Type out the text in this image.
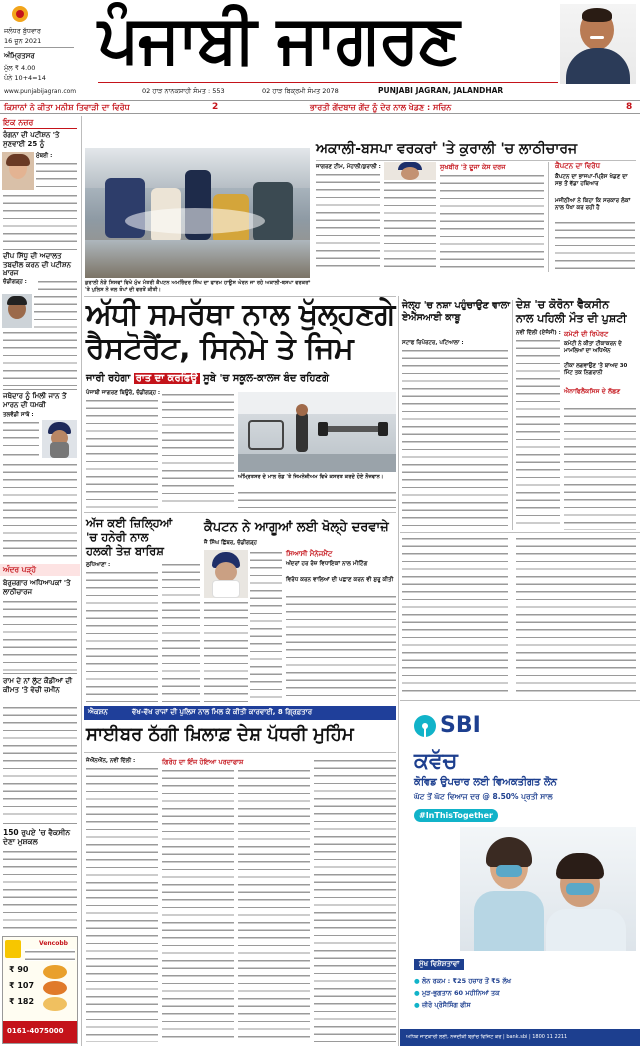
ਜਲੰਧਰ ਬੁੱਧਵਾਰ
16 ਜੂਨ 2021
ਅੰਮ੍ਰਿਤਸਰ
ਮੁੱਲ ₹ 4.00
ਪੰਨੇ 10+4=14
www.punjabijagran.com
ਪੰਜਾਬੀ ਜਾਗਰਣ
02 ਹਾੜ ਨਾਨਕਸ਼ਾਹੀ ਸੰਮਤ : 553	02 ਹਾੜ ਬਿਕ੍ਰਮੀ ਸੰਮਤ 2078	PUNJABI JAGRAN, JALANDHAR
ਕਿਸਾਨਾਂ ਨੇ ਕੀਤਾ ਮਨੀਸ਼ ਤਿਵਾੜੀ ਦਾ ਵਿਰੋਧ	2	ਭਾਰਤੀ ਗੇਂਦਬਾਜ਼ ਗੇਂਦ ਨੂੰ ਦੇਰ ਨਾਲ ਖੇਡਣ : ਸਚਿਨ	8
ਇਕ ਨਜ਼ਰ
ਰੰਗਨਾ ਦੀ ਪਟੀਸ਼ਨ 'ਤੇ ਸੁਣਵਾਈ 25 ਨੂੰ
ਮੁੰਬਈ :
ਦੀਪ ਸਿੱਧੂ ਦੀ ਅਦਾਲਤ ਤਬਦੀਲ ਕਰਨ ਦੀ ਪਟੀਸ਼ਨ ਖ਼ਾਰਜ
ਚੰਡੀਗੜ੍ਹ :
ਜਥੇਦਾਰ ਨੂੰ ਮਿਲੀ ਜਾਨ ਤੋਂ ਮਾਰਨ ਦੀ ਧਮਕੀ
ਤਲਵੰਡੀ ਸਾਬੋ :
ਅੰਦਰ ਪੜ੍ਹੋ
ਬੇਰੁਜ਼ਗਾਰ ਅਧਿਆਪਕਾਂ 'ਤੇ ਲਾਠੀਚਾਰਜ
ਰਾਮ ਦੇ ਨਾਂ ਲੁੱਟ ਕੌਡੀਆਂ ਦੀ ਕੀਮਤ 'ਤੇ ਵੇਚੀ ਜ਼ਮੀਨ
150 ਰੁਪਏ 'ਚ ਵੈਕਸੀਨ ਦੇਣਾ ਮੁਸ਼ਕਲ
Vencobb
₹ 90
₹ 107
₹ 182
0161-4075000
ਕੁਰਾਲੀ ਨੇੜੇ ਸਿਸਵਾਂ ਵਿਖੇ ਮੁੱਖ ਮੰਤਰੀ ਕੈਪਟਨ ਅਮਰਿੰਦਰ ਸਿੰਘ ਦਾ ਫਾਰਮ ਹਾਊਸ ਘੇਰਨ ਜਾ ਰਹੇ ਅਕਾਲੀ-ਬਸਪਾ ਵਰਕਰਾਂ 'ਤੇ ਪੁਲਿਸ ਨੇ ਜਲ ਤੋਪਾਂ ਦੀ ਵਰਤੋਂ ਕੀਤੀ।
ਅਕਾਲੀ-ਬਸਪਾ ਵਰਕਰਾਂ 'ਤੇ ਕੁਰਾਲੀ 'ਚ ਲਾਠੀਚਾਰਜ
ਜਾਗਰਣ ਟੀਮ, ਮੋਹਾਲੀ/ਕੁਰਾਲੀ :	ਸੁਖਬੀਰ 'ਤੇ ਦੂਜਾ ਕੇਸ ਦਰਜ	ਕੈਪਟਨ ਦਾ ਵਿਰੋਧ
ਕੈਪਟਨ ਦਾ ਭਾਜਪਾ-ਪ੍ਰਿੰਸ ਖੇਡਣ ਦਾ ਸਭ ਤੋਂ ਵੱਡਾ ਹਥਿਆਰ
ਮਜੀਠੀਆ ਨੇ ਕਿਹਾ ਕਿ ਸਰਕਾਰ ਲੋਕਾਂ ਨਾਲ ਧੋਖਾ ਕਰ ਰਹੀ ਹੈ
ਅੱਧੀ ਸਮਰੱਥਾ ਨਾਲ ਖੁੱਲ੍ਹਣਗੇ
ਰੈਸਟੋਰੈਂਟ, ਸਿਨੇਮੇ ਤੇ ਜਿਮ
ਜਾਰੀ ਰਹੇਗਾ ਰਾਤ ਦਾ ਕਰਫਿਊ ਸੂਬੇ 'ਚ ਸਕੂਲ-ਕਾਲਜ ਬੰਦ ਰਹਿਣਗੇ
ਪੰਜਾਬੀ ਜਾਗਰਣ ਬਿਊਰੋ, ਚੰਡੀਗੜ੍ਹ :
ਅੰਮ੍ਰਿਤਸਰ ਦੇ ਮਾਲ ਰੋਡ 'ਤੇ ਜਿਮਨੇਜ਼ੀਅਮ ਵਿਖੇ ਕਸਰਤ ਕਰਦੇ ਹੋਏ ਨੌਜਵਾਨ।
ਅੱਜ ਕਈ ਜ਼ਿਲ੍ਹਿਆਂ
'ਚ ਹਨੇਰੀ ਨਾਲ
ਹਲਕੀ ਤੇਜ਼ ਬਾਰਿਸ਼
ਲੁਧਿਆਣਾ :
ਕੈਪਟਨ ਨੇ ਆਗੂਆਂ ਲਈ ਖੋਲ੍ਹੇ ਦਰਵਾਜ਼ੇ
ਜੈ ਸਿੰਘ ਛਿੱਬਰ, ਚੰਡੀਗੜ੍ਹ
ਸਿਆਸੀ ਮੈਨੇਜਮੈਂਟ
ਅੰਦਰਾਂ ਹਰ ਰੋਜ਼ ਵਿਧਾਇਕਾਂ ਨਾਲ ਮੀਟਿੰਗ
ਵਿਰੋਧ ਕਰਨ ਵਾਲਿਆਂ ਦੀ ਪਛਾਣ ਕਰਨ ਵੀ ਸ਼ੁਰੂ ਕੀਤੀ
ਜੇਲ੍ਹ 'ਚ ਨਸ਼ਾ ਪਹੁੰਚਾਉਣ ਵਾਲਾ ਏਐੱਸਆਈ ਕਾਬੂ
ਸਟਾਫ ਰਿਪੋਰਟਰ, ਪਟਿਆਲਾ :
ਦੇਸ਼ 'ਚ ਕੋਰੋਨਾ ਵੈਕਸੀਨ
ਨਾਲ ਪਹਿਲੀ ਮੌਤ ਦੀ ਪੁਸ਼ਟੀ
ਨਵੀਂ ਦਿੱਲੀ (ਏਜੰਸੀ) : ਕਮੇਟੀ ਦੀ ਰਿਪੋਰਟ
ਕਮੇਟੀ ਨੇ ਕੀਤਾ ਟੀਕਾਕਰਨ ਦੇ ਮਾਮਲਿਆਂ ਦਾ ਅਧਿਐਨ
ਟੀਕਾ ਲਗਵਾਉਣ 'ਤੇ ਬਾਅਦ 30 ਮਿੰਟ ਤਕ ਨਿਗਰਾਨੀ
ਐਨਾਫਿਲੈਕਸਿਸ ਦੇ ਲੱਛਣ
SBI
ਕਵੱਚ
ਕੋਵਿਡ ਉਪਚਾਰ ਲਈ ਵਿਅਕਤੀਗਤ ਲੋਨ
ਘੱਟ ਤੋਂ ਘੱਟ ਵਿਆਜ ਦਰ @ 8.50% ਪ੍ਰਤੀ ਸਾਲ
#InThisTogether
ਮੁੱਖ ਵਿਸ਼ੇਸ਼ਤਾਵਾਂ
● ਲੋਨ ਰਕਮ : ₹25 ਹਜ਼ਾਰ ਤੋਂ ₹5 ਲੱਖ
● ਮੁੜ-ਭੁਗਤਾਨ 60 ਮਹੀਨਿਆਂ ਤਕ
● ਜ਼ੀਰੋ ਪ੍ਰੋਸੈਸਿੰਗ ਫੀਸ
ਅਧਿਕ ਜਾਣਕਾਰੀ ਲਈ, ਨਜ਼ਦੀਕੀ ਬ੍ਰਾਂਚ ਵਿਜ਼ਿਟ ਕਰੋ | bank.sbi | 1800 11 2211
ਐਕਸ਼ਨ	ਵੱਖ-ਵੱਖ ਰਾਜਾਂ ਦੀ ਪੁਲਿਸ ਨਾਲ ਮਿਲ ਕੇ ਕੀਤੀ ਕਾਰਵਾਈ, 8 ਗ੍ਰਿਫ਼ਤਾਰ
ਸਾਈਬਰ ਠੱਗੀ ਖ਼ਿਲਾਫ਼ ਦੇਸ਼ ਪੱਧਰੀ ਮੁਹਿੰਮ
ਜੇਐੱਨਐੱਨ, ਨਵੀਂ ਦਿੱਲੀ :	ਗਿਰੋਹ ਦਾ ਇੰਜ ਹੋਇਆ ਪਰਦਾਫਾਸ਼
